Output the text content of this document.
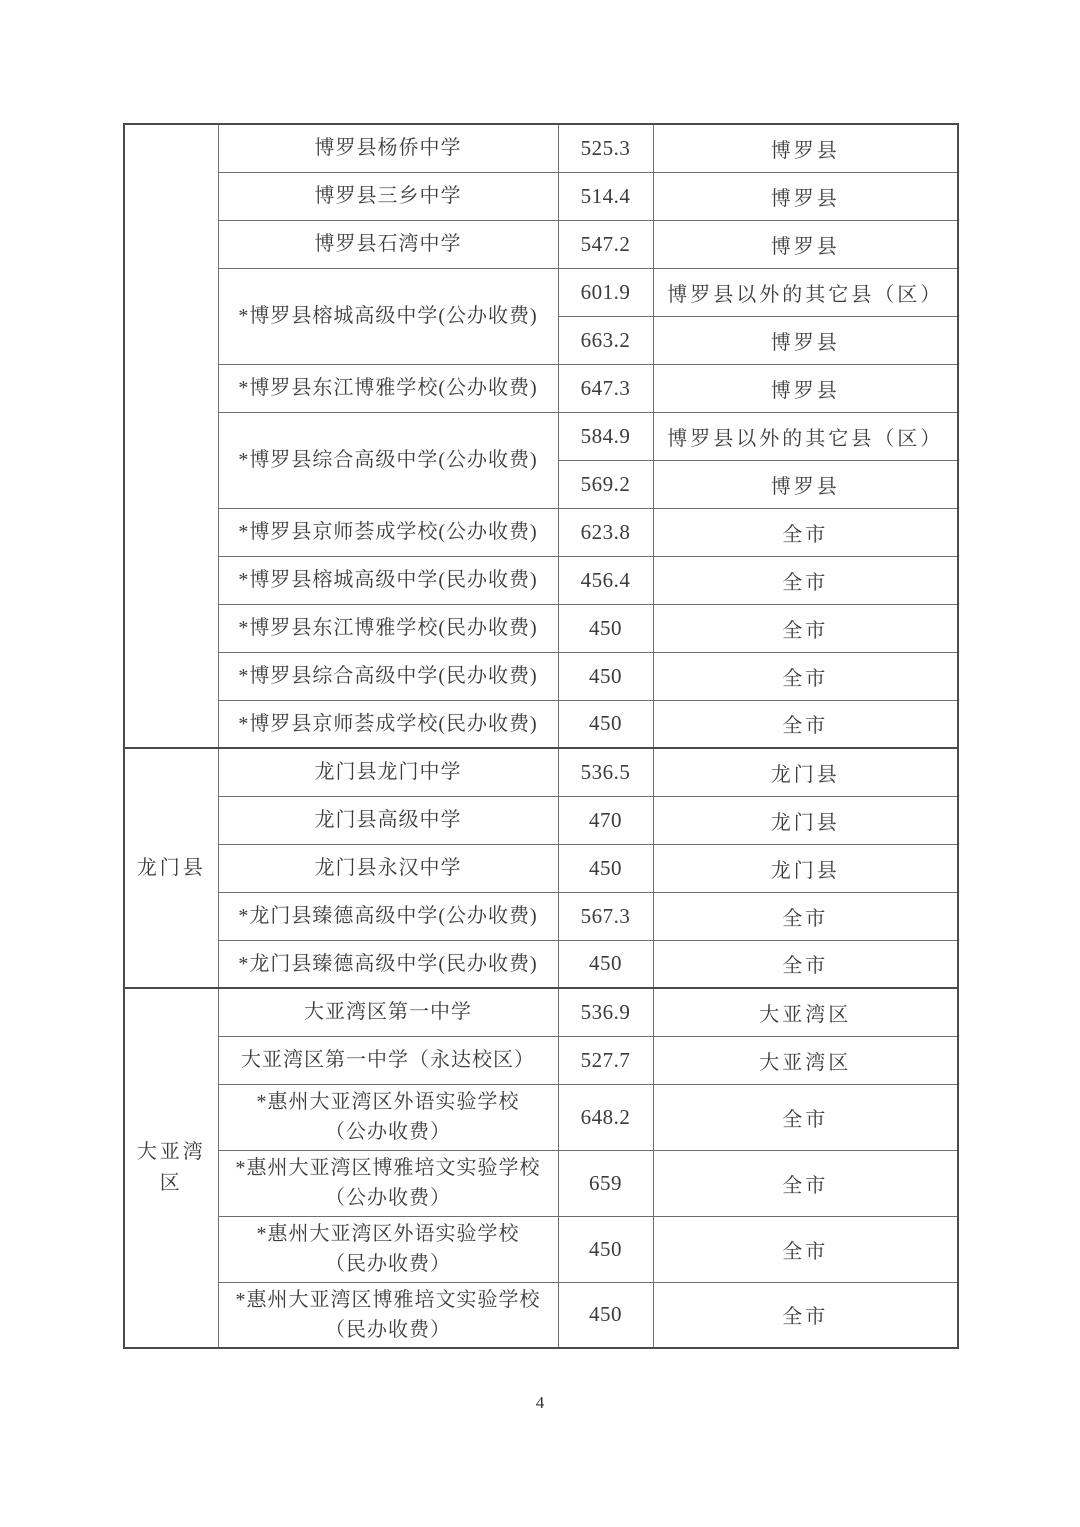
	博罗县杨侨中学	525.3	博罗县

	博罗县三乡中学	514.4	博罗县

	博罗县石湾中学	547.2	博罗县

	*博罗县榕城高级中学(公办收费)	601.9	博罗县以外的其它县（区）
		663.2	博罗县

	*博罗县东江博雅学校(公办收费)	647.3	博罗县

	*博罗县综合高级中学(公办收费)	584.9	博罗县以外的其它县（区）
		569.2	博罗县

	*博罗县京师荟成学校(公办收费)	623.8	全市

	*博罗县榕城高级中学(民办收费)	456.4	全市

	*博罗县东江博雅学校(民办收费)	450	全市

	*博罗县综合高级中学(民办收费)	450	全市

	*博罗县京师荟成学校(民办收费)	450	全市
龙门县	龙门县龙门中学	536.5	龙门县

	龙门县高级中学	470	龙门县

	龙门县永汉中学	450	龙门县

	*龙门县臻德高级中学(公办收费)	567.3	全市

	*龙门县臻德高级中学(民办收费)	450	全市
大亚湾区	大亚湾区第一中学	536.9	大亚湾区

	大亚湾区第一中学（永达校区）	527.7	大亚湾区

	*惠州大亚湾区外语实验学校
（公办收费）	648.2	全市

	*惠州大亚湾区博雅培文实验学校
（公办收费）	659	全市

	*惠州大亚湾区外语实验学校
（民办收费）	450	全市

	*惠州大亚湾区博雅培文实验学校
（民办收费）	450	全市
4
